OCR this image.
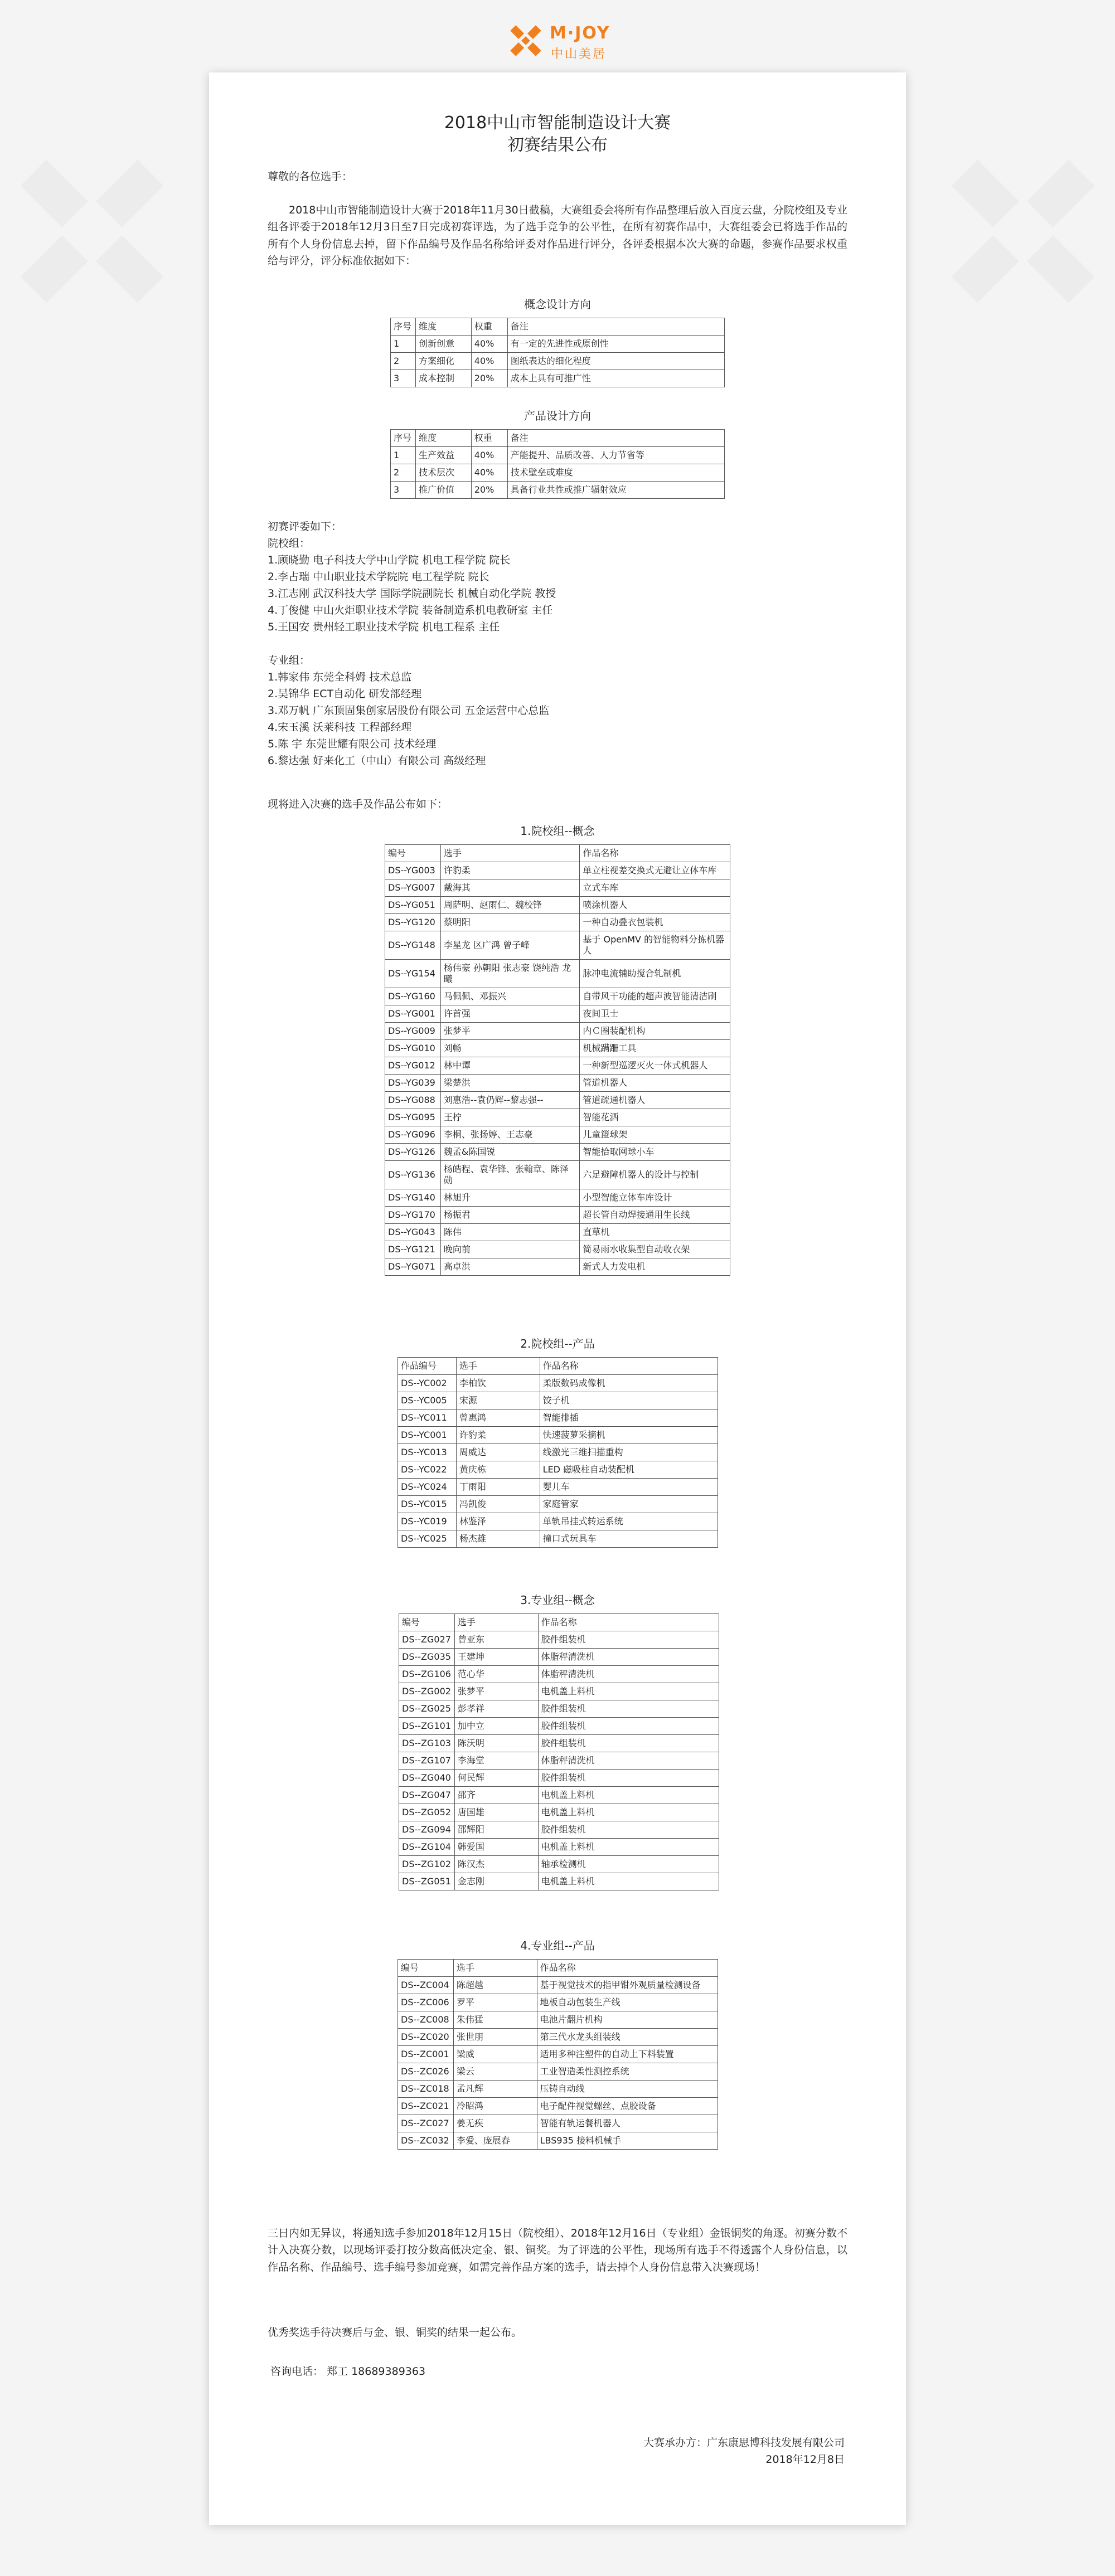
M·JOY
中山美居
2018中山市智能制造设计大赛
初赛结果公布
尊敬的各位选手：
2018中山市智能制造设计大赛于2018年11月30日截稿，大赛组委会将所有作品整理后放入百度云盘，分院校组及专业组各评委于2018年12月3日至7日完成初赛评选，为了选手竞争的公平性，在所有初赛作品中，大赛组委会已将选手作品的所有个人身份信息去掉，留下作品编号及作品名称给评委对作品进行评分，各评委根据本次大赛的命题，参赛作品要求权重给与评分，评分标准依据如下：
概念设计方向
序号	维度	权重	备注
1	创新创意	40%	有一定的先进性或原创性
2	方案细化	40%	图纸表达的细化程度
3	成本控制	20%	成本上具有可推广性
产品设计方向
序号	维度	权重	备注
1	生产效益	40%	产能提升、品质改善、人力节省等
2	技术层次	40%	技术壁垒或难度
3	推广价值	20%	具备行业共性或推广辐射效应
初赛评委如下：
院校组：
1.顾晓勤 电子科技大学中山学院 机电工程学院 院长
2.李占瑞 中山职业技术学院院 电工程学院 院长
3.江志刚 武汉科技大学 国际学院副院长 机械自动化学院 教授
4.丁俊健 中山火炬职业技术学院 装备制造系机电教研室 主任
5.王国安 贵州轻工职业技术学院 机电工程系 主任
专业组：
1.韩家伟 东莞全科姆 技术总监
2.吴锦华 ECT自动化 研发部经理
3.邓万帆 广东顶固集创家居股份有限公司 五金运营中心总监
4.宋玉溪 沃莱科技 工程部经理
5.陈 宇 东莞世耀有限公司 技术经理
6.黎达强 好来化工（中山）有限公司 高级经理
现将进入决赛的选手及作品公布如下：
1.院校组--概念
编号	选手	作品名称
DS--YG003	许豹柔	单立柱视差交换式无避让立体车库
DS--YG007	戴海其	立式车库
DS--YG051	周萨明、赵雨仁、魏校锋	喷涂机器人
DS--YG120	蔡明阳	一种自动叠衣包装机
DS--YG148	李星龙 区广鸿 曾子峰	基于 OpenMV 的智能物料分拣机器人
DS--YG154	杨伟豪 孙朝阳 张志豪 饶纯浩 龙曦	脉冲电流辅助搅合轧制机
DS--YG160	马佩佩、邓振兴	自带风干功能的超声波智能清洁刷
DS--YG001	许首强	夜间卫士
DS--YG009	张梦平	内Ｃ圈装配机构
DS--YG010	刘畅	机械蹒跚工具
DS--YG012	林中谭	一种新型巡逻灭火一体式机器人
DS--YG039	梁楚洪	管道机器人
DS--YG088	刘惠浩--袁仍辉--黎志强--	管道疏通机器人
DS--YG095	王柠	智能花洒
DS--YG096	李桐、张扬婷、王志豪	儿童篮球架
DS--YG126	魏孟&陈国锐	智能拾取网球小车
DS--YG136	杨皓程、袁华锋、张翰章、陈泽勋	六足避障机器人的设计与控制
DS--YG140	林旭升	小型智能立体车库设计
DS--YG170	杨振君	超长管自动焊接通用生长线
DS--YG043	陈伟	直草机
DS--YG121	晚向前	简易雨水收集型自动收衣架
DS--YG071	高卓洪	新式人力发电机
2.院校组--产品
作品编号	选手	作品名称
DS--YC002	李柏钦	柔版数码成像机
DS--YC005	宋源	饺子机
DS--YC011	曾惠鸿	智能排插
DS--YC001	许豹柔	快速菠萝采摘机
DS--YC013	周威达	线激光三维扫描重构
DS--YC022	黄庆栋	LED 磁吸柱自动装配机
DS--YC024	丁雨阳	婴儿车
DS--YC015	冯凯俊	家庭管家
DS--YC019	林鉴泽	单轨吊挂式转运系统
DS--YC025	杨杰雄	撞口式玩具车
3.专业组--概念
编号	选手	作品名称
DS--ZG027	曾亚东	胶件组装机
DS--ZG035	王建坤	体脂秤清洗机
DS--ZG106	范心华	体脂秤清洗机
DS--ZG002	张梦平	电机盖上料机
DS--ZG025	彭孝祥	胶件组装机
DS--ZG101	加中立	胶件组装机
DS--ZG103	陈沃明	胶件组装机
DS--ZG107	李海堂	体脂秤清洗机
DS--ZG040	何民辉	胶件组装机
DS--ZG047	邵齐	电机盖上料机
DS--ZG052	唐国雄	电机盖上料机
DS--ZG094	邵辉阳	胶件组装机
DS--ZG104	韩爱国	电机盖上料机
DS--ZG102	陈汉杰	轴承检测机
DS--ZG051	金志刚	电机盖上料机
4.专业组--产品
编号	选手	作品名称
DS--ZC004	陈超越	基于视觉技术的指甲钳外观质量检测设备
DS--ZC006	罗平	地板自动包装生产线
DS--ZC008	朱伟猛	电池片翻片机构
DS--ZC020	张世朋	第三代水龙头组装线
DS--ZC001	梁威	适用多种注塑件的自动上下料装置
DS--ZC026	梁云	工业智造柔性测控系统
DS--ZC018	孟凡辉	压铸自动线
DS--ZC021	冷昭鸿	电子配件视觉螺丝、点胶设备
DS--ZC027	姜无疾	智能有轨运餐机器人
DS--ZC032	李爱、庞展春	LBS935 接料机械手
三日内如无异议，将通知选手参加2018年12月15日（院校组）、2018年12月16日（专业组）金银铜奖的角逐。初赛分数不计入决赛分数，以现场评委打按分数高低决定金、银、铜奖。为了评选的公平性，现场所有选手不得透露个人身份信息，以作品名称、作品编号、选手编号参加竞赛，如需完善作品方案的选手，请去掉个人身份信息带入决赛现场！
优秀奖选手待决赛后与金、银、铜奖的结果一起公布。
咨询电话： 郑工 18689389363
大赛承办方：广东康思博科技发展有限公司
2018年12月8日
